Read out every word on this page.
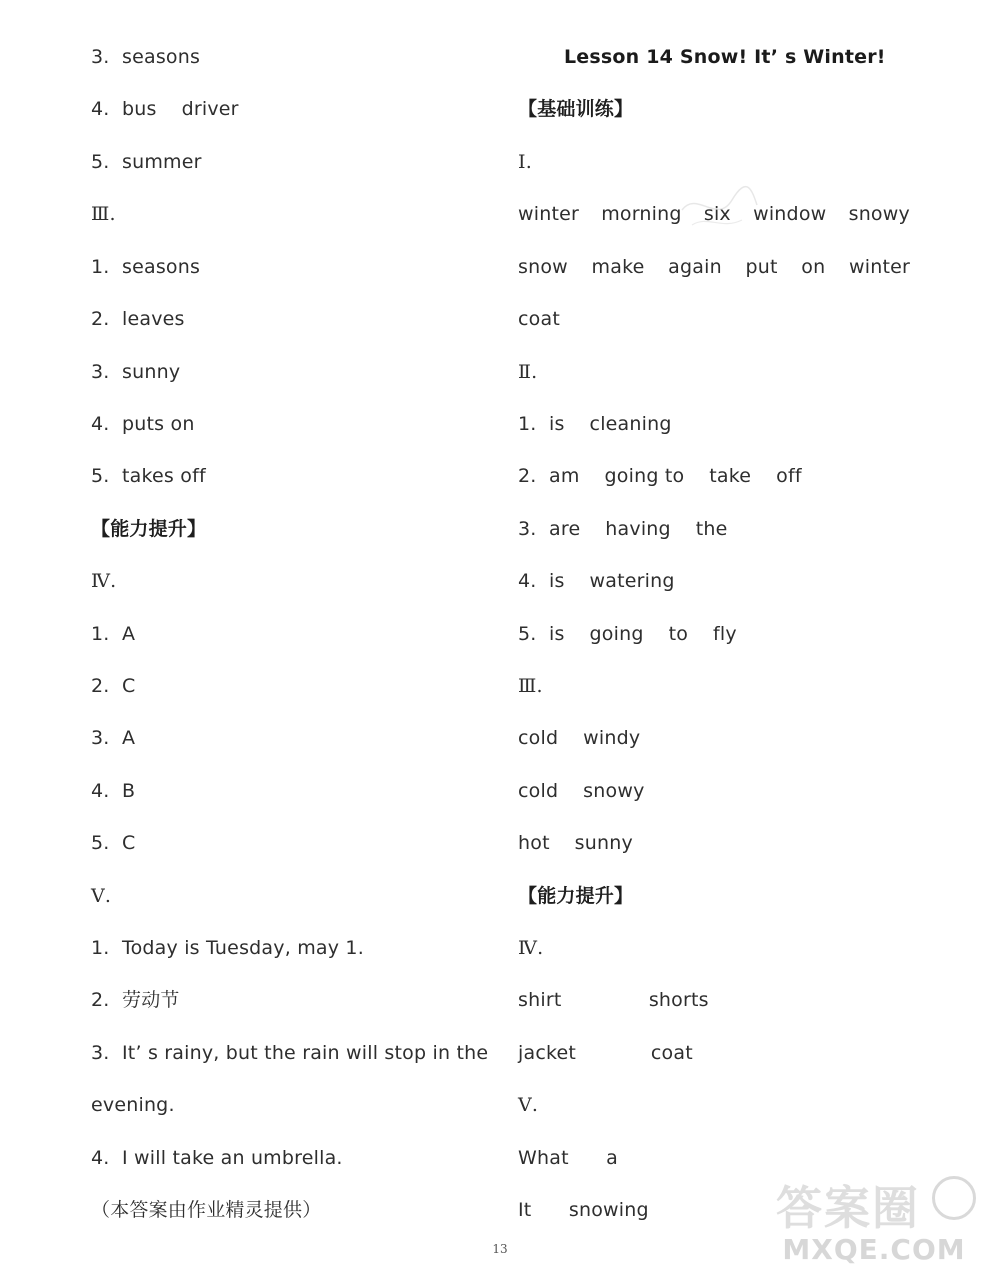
3.  seasons
4.  bus    driver
5.  summer
Ⅲ.
1.  seasons
2.  leaves
3.  sunny
4.  puts on
5.  takes off
【能力提升】
Ⅳ.
1.  A
2.  C
3.  A
4.  B
5.  C
Ⅴ.
1.  Today is Tuesday, may 1.
2.  劳动节
3.  It’ s rainy, but the rain will stop in the
evening.
4.  I will take an umbrella.
（本答案由作业精灵提供）
Lesson 14 Snow! It’ s Winter!
【基础训练】
Ⅰ.
winter morning six window snowy
snow make again put on winter
coat
Ⅱ.
1.  is    cleaning
2.  am    going to    take    off
3.  are    having    the
4.  is    watering
5.  is    going    to    fly
Ⅲ.
cold    windy
cold    snowy
hot    sunny
【能力提升】
Ⅳ.
shirt              shorts
jacket            coat
Ⅴ.
What      a
It      snowing
13
答案圈
MXQE.COM
